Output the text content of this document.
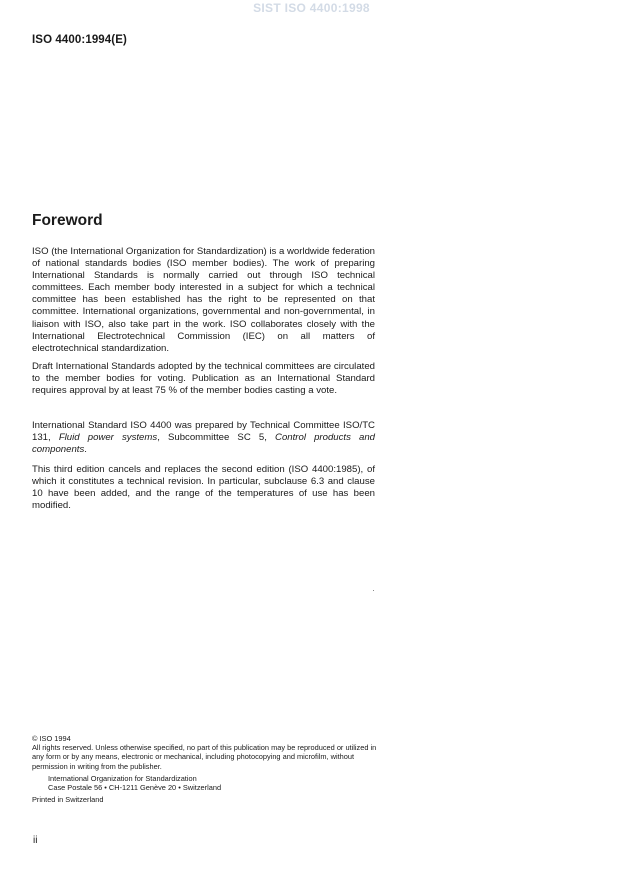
SIST ISO 4400:1998
ISO 4400:1994(E)
Foreword

ISO (the International Organization for Standardization) is a worldwide federation of national standards bodies (ISO member bodies). The work of preparing International Standards is normally carried out through ISO technical committees. Each member body interested in a subject for which a technical committee has been established has the right to be represented on that committee. International organizations, governmental and non-governmental, in liaison with ISO, also take part in the work. ISO collaborates closely with the International Electrotechnical Commission (IEC) on all matters of electrotechnical standardization.

Draft International Standards adopted by the technical committees are circulated to the member bodies for voting. Publication as an International Standard requires approval by at least 75 % of the member bodies casting a vote.

International Standard ISO 4400 was prepared by Technical Committee ISO/TC 131, Fluid power systems, Subcommittee SC 5, Control products and components.

This third edition cancels and replaces the second edition (ISO 4400:1985), of which it constitutes a technical revision. In particular, subclause 6.3 and clause 10 have been added, and the range of the temperatures of use has been modified.

© ISO 1994

All rights reserved. Unless otherwise specified, no part of this publication may be reproduced or utilized in any form or by any means, electronic or mechanical, including photocopying and microfilm, without permission in writing from the publisher.

International Organization for Standardization
Case Postale 56 • CH-1211 Genève 20 • Switzerland

Printed in Switzerland

ii
